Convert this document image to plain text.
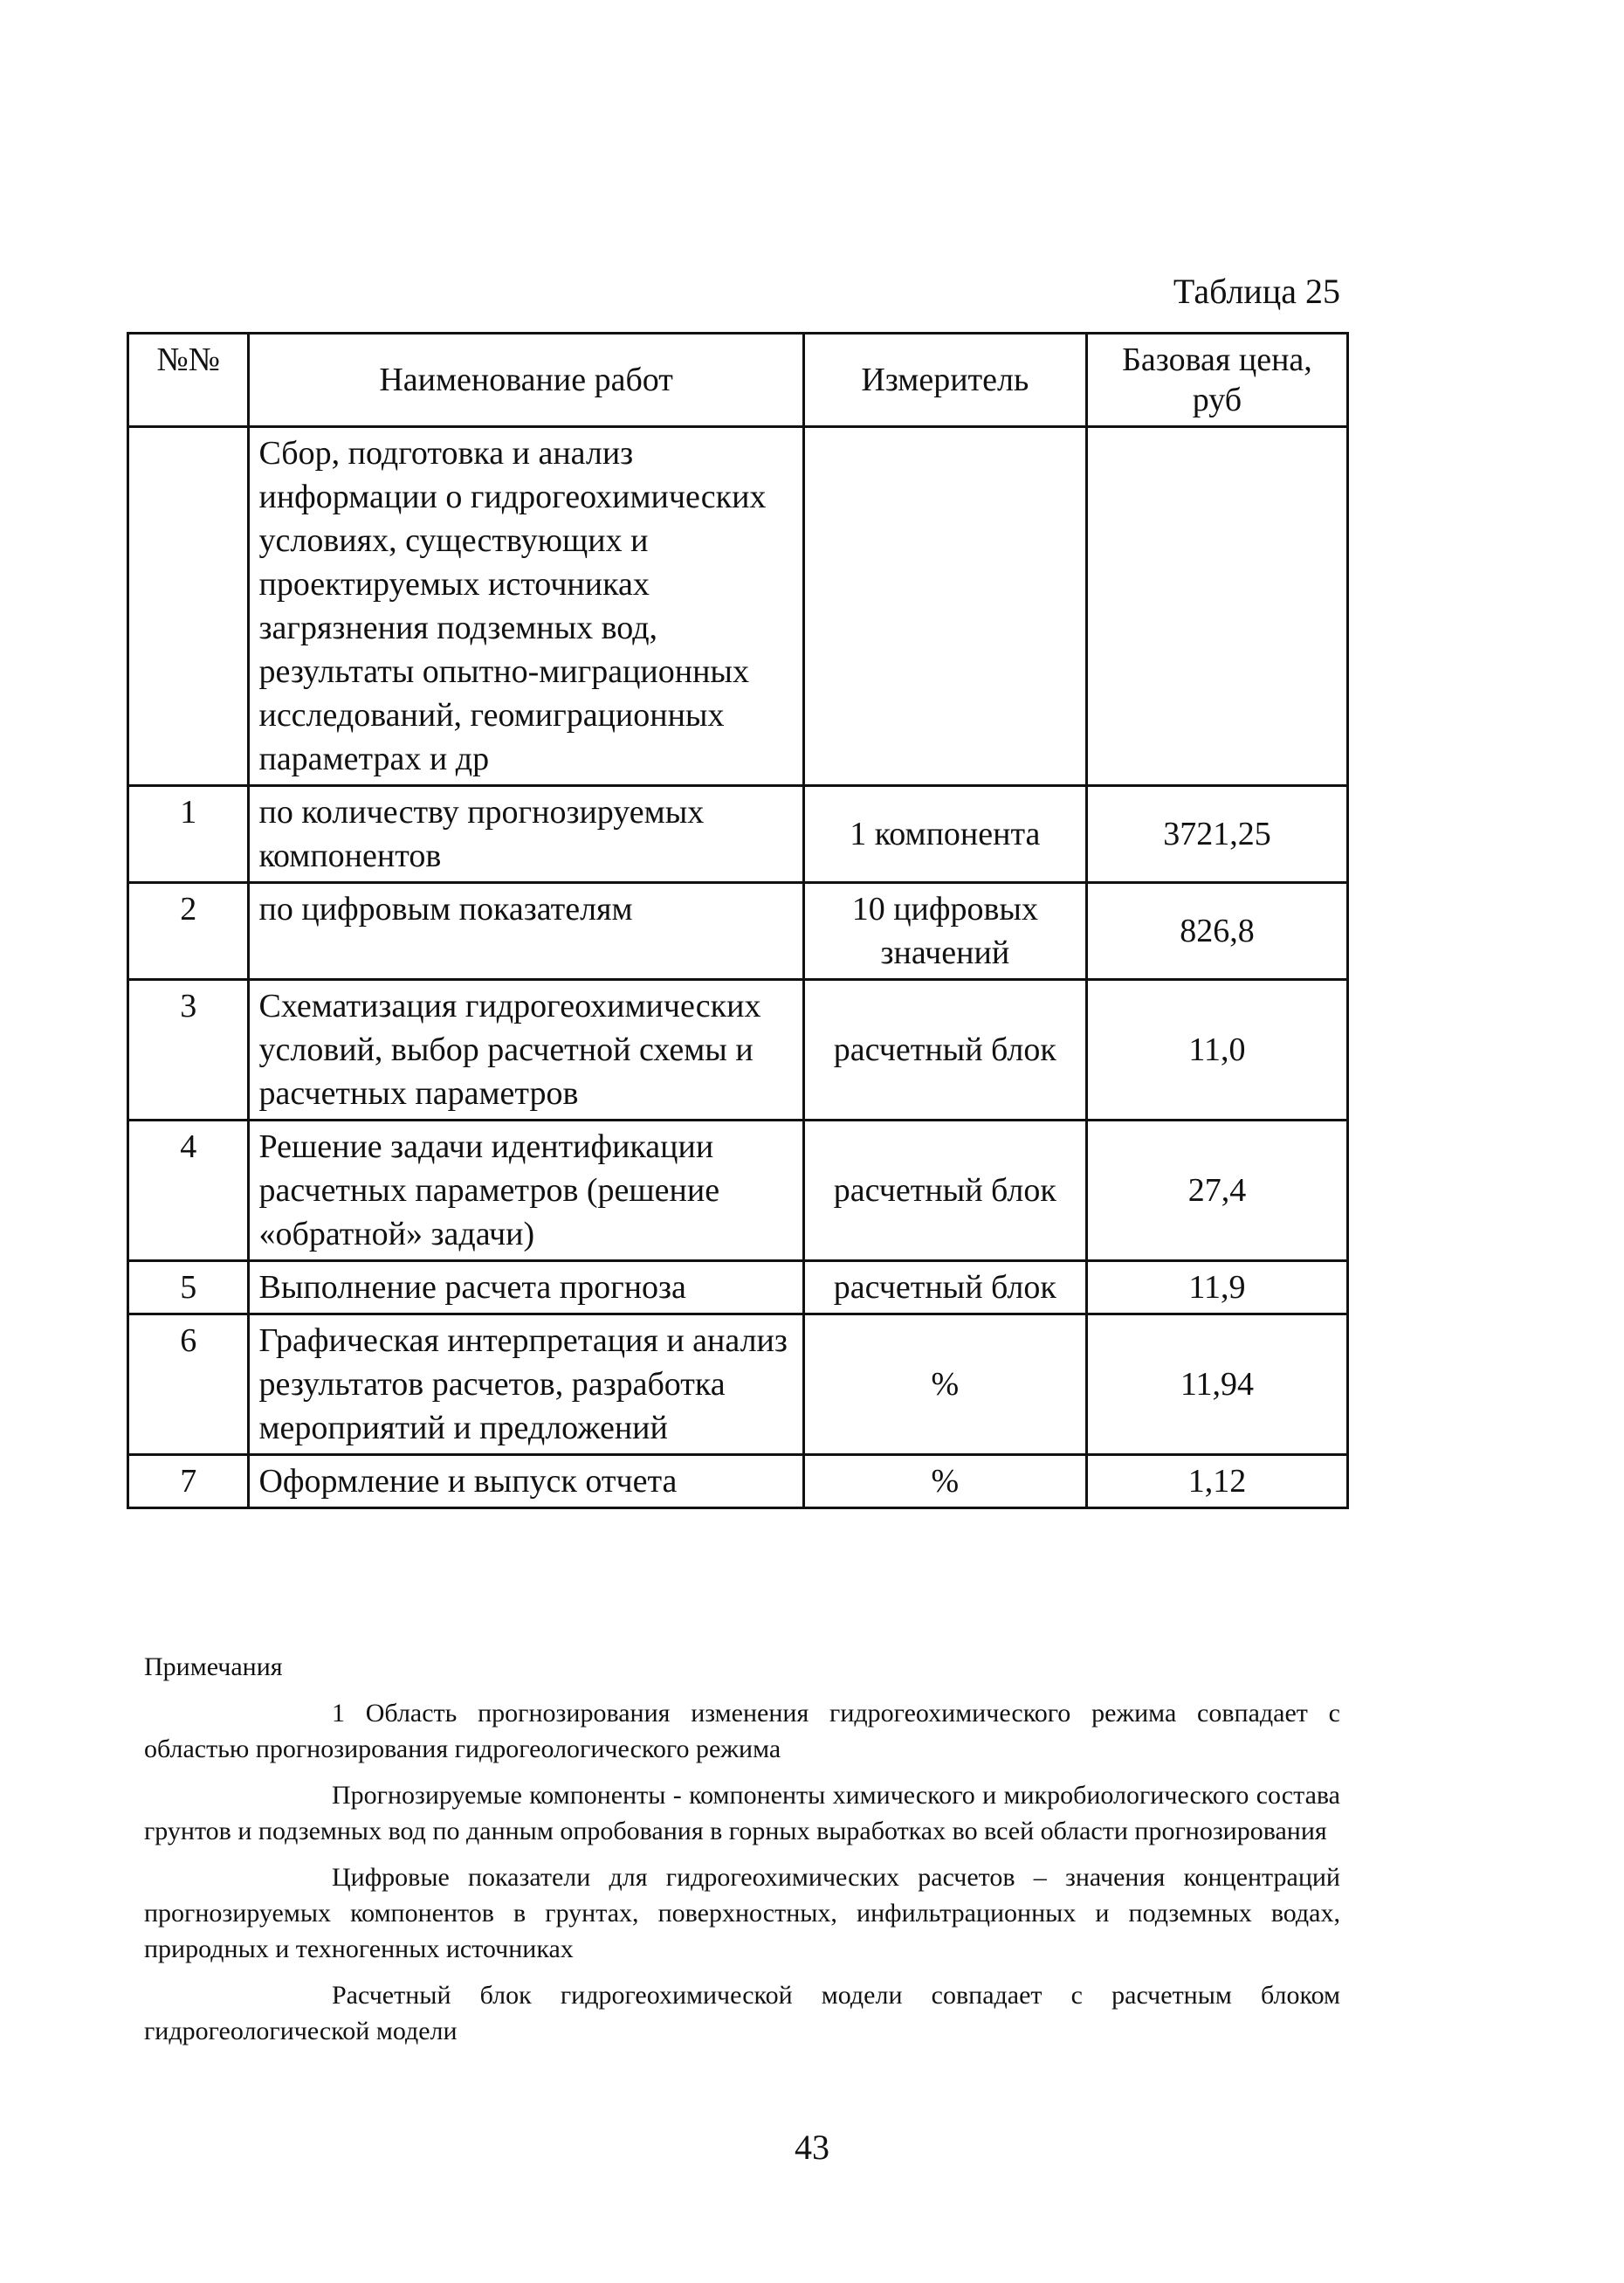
Таблица 25
№№	Наименование работ	Измеритель	Базовая цена, руб
	Сбор, подготовка и анализ информации о гидрогеохимических условиях, существующих и проектируемых источниках загрязнения подземных вод, результаты опытно-миграционных исследований, геомиграционных параметрах и др		
1	по количеству прогнозируемых компонентов	1 компонента	3721,25
2	по цифровым показателям	10 цифровых значений	826,8
3	Схематизация гидрогеохимических условий, выбор расчетной схемы и расчетных параметров	расчетный блок	11,0
4	Решение задачи идентификации расчетных параметров (решение «обратной» задачи)	расчетный блок	27,4
5	Выполнение расчета прогноза	расчетный блок	11,9
6	Графическая интерпретация и анализ результатов расчетов, разработка мероприятий и предложений	%	11,94
7	Оформление и выпуск отчета	%	1,12
Примечания

1 Область прогнозирования изменения гидрогеохимического режима совпадает с областью прогнозирования гидрогеологического режима

Прогнозируемые компоненты - компоненты химического и микробиологического состава грунтов и подземных вод по данным опробования в горных выработках во всей области прогнозирования

Цифровые показатели для гидрогеохимических расчетов – значения концентраций прогнозируемых компонентов в грунтах, поверхностных, инфильтрационных и подземных водах, природных и техногенных источниках

Расчетный блок гидрогеохимической модели совпадает с расчетным блоком гидрогеологической модели

43
